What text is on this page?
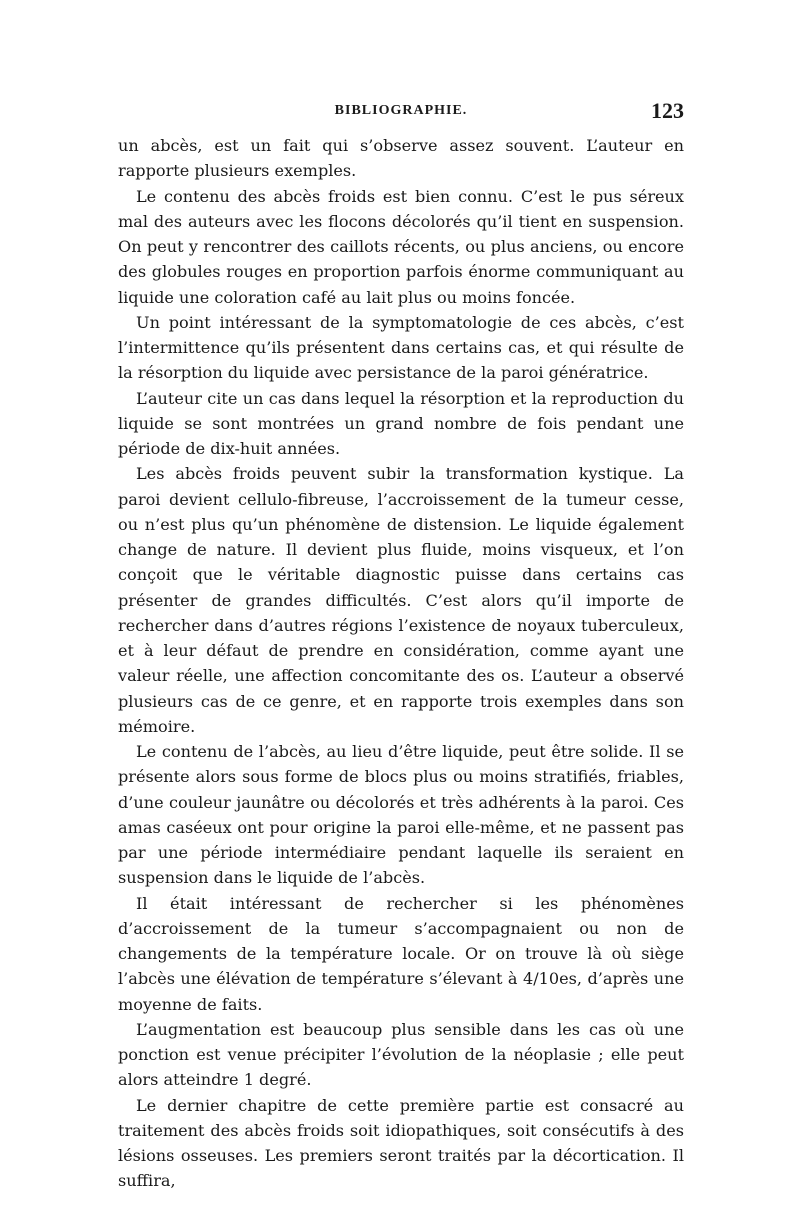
BIBLIOGRAPHIE.	123

un abcès, est un fait qui s’observe assez souvent. L’auteur en rapporte plusieurs exemples.

Le contenu des abcès froids est bien connu. C’est le pus séreux mal des auteurs avec les flocons décolorés qu’il tient en suspension. On peut y rencontrer des caillots récents, ou plus anciens, ou encore des globules rouges en proportion parfois énorme communiquant au liquide une coloration café au lait plus ou moins foncée.

Un point intéressant de la symptomatologie de ces abcès, c’est l’intermittence qu’ils présentent dans certains cas, et qui résulte de la résorption du liquide avec persistance de la paroi génératrice.

L’auteur cite un cas dans lequel la résorption et la reproduction du liquide se sont montrées un grand nombre de fois pendant une période de dix-huit années.

Les abcès froids peuvent subir la transformation kystique. La paroi devient cellulo-fibreuse, l’accroissement de la tumeur cesse, ou n’est plus qu’un phénomène de distension. Le liquide également change de nature. Il devient plus fluide, moins visqueux, et l’on conçoit que le véritable diagnostic puisse dans certains cas présenter de grandes difficultés. C’est alors qu’il importe de rechercher dans d’autres régions l’existence de noyaux tuberculeux, et à leur défaut de prendre en considération, comme ayant une valeur réelle, une affection concomitante des os. L’auteur a observé plusieurs cas de ce genre, et en rapporte trois exemples dans son mémoire.

Le contenu de l’abcès, au lieu d’être liquide, peut être solide. Il se présente alors sous forme de blocs plus ou moins stratifiés, friables, d’une couleur jaunâtre ou décolorés et très adhérents à la paroi. Ces amas caséeux ont pour origine la paroi elle-même, et ne passent pas par une période intermédiaire pendant laquelle ils seraient en suspension dans le liquide de l’abcès.

Il était intéressant de rechercher si les phénomènes d’accroissement de la tumeur s’accompagnaient ou non de changements de la température locale. Or on trouve là où siège l’abcès une élévation de température s’élevant à 4/10es, d’après une moyenne de faits.

L’augmentation est beaucoup plus sensible dans les cas où une ponction est venue précipiter l’évolution de la néoplasie ; elle peut alors atteindre 1 degré.

Le dernier chapitre de cette première partie est consacré au traitement des abcès froids soit idiopathiques, soit consécutifs à des lésions osseuses. Les premiers seront traités par la décortication. Il suffira,
